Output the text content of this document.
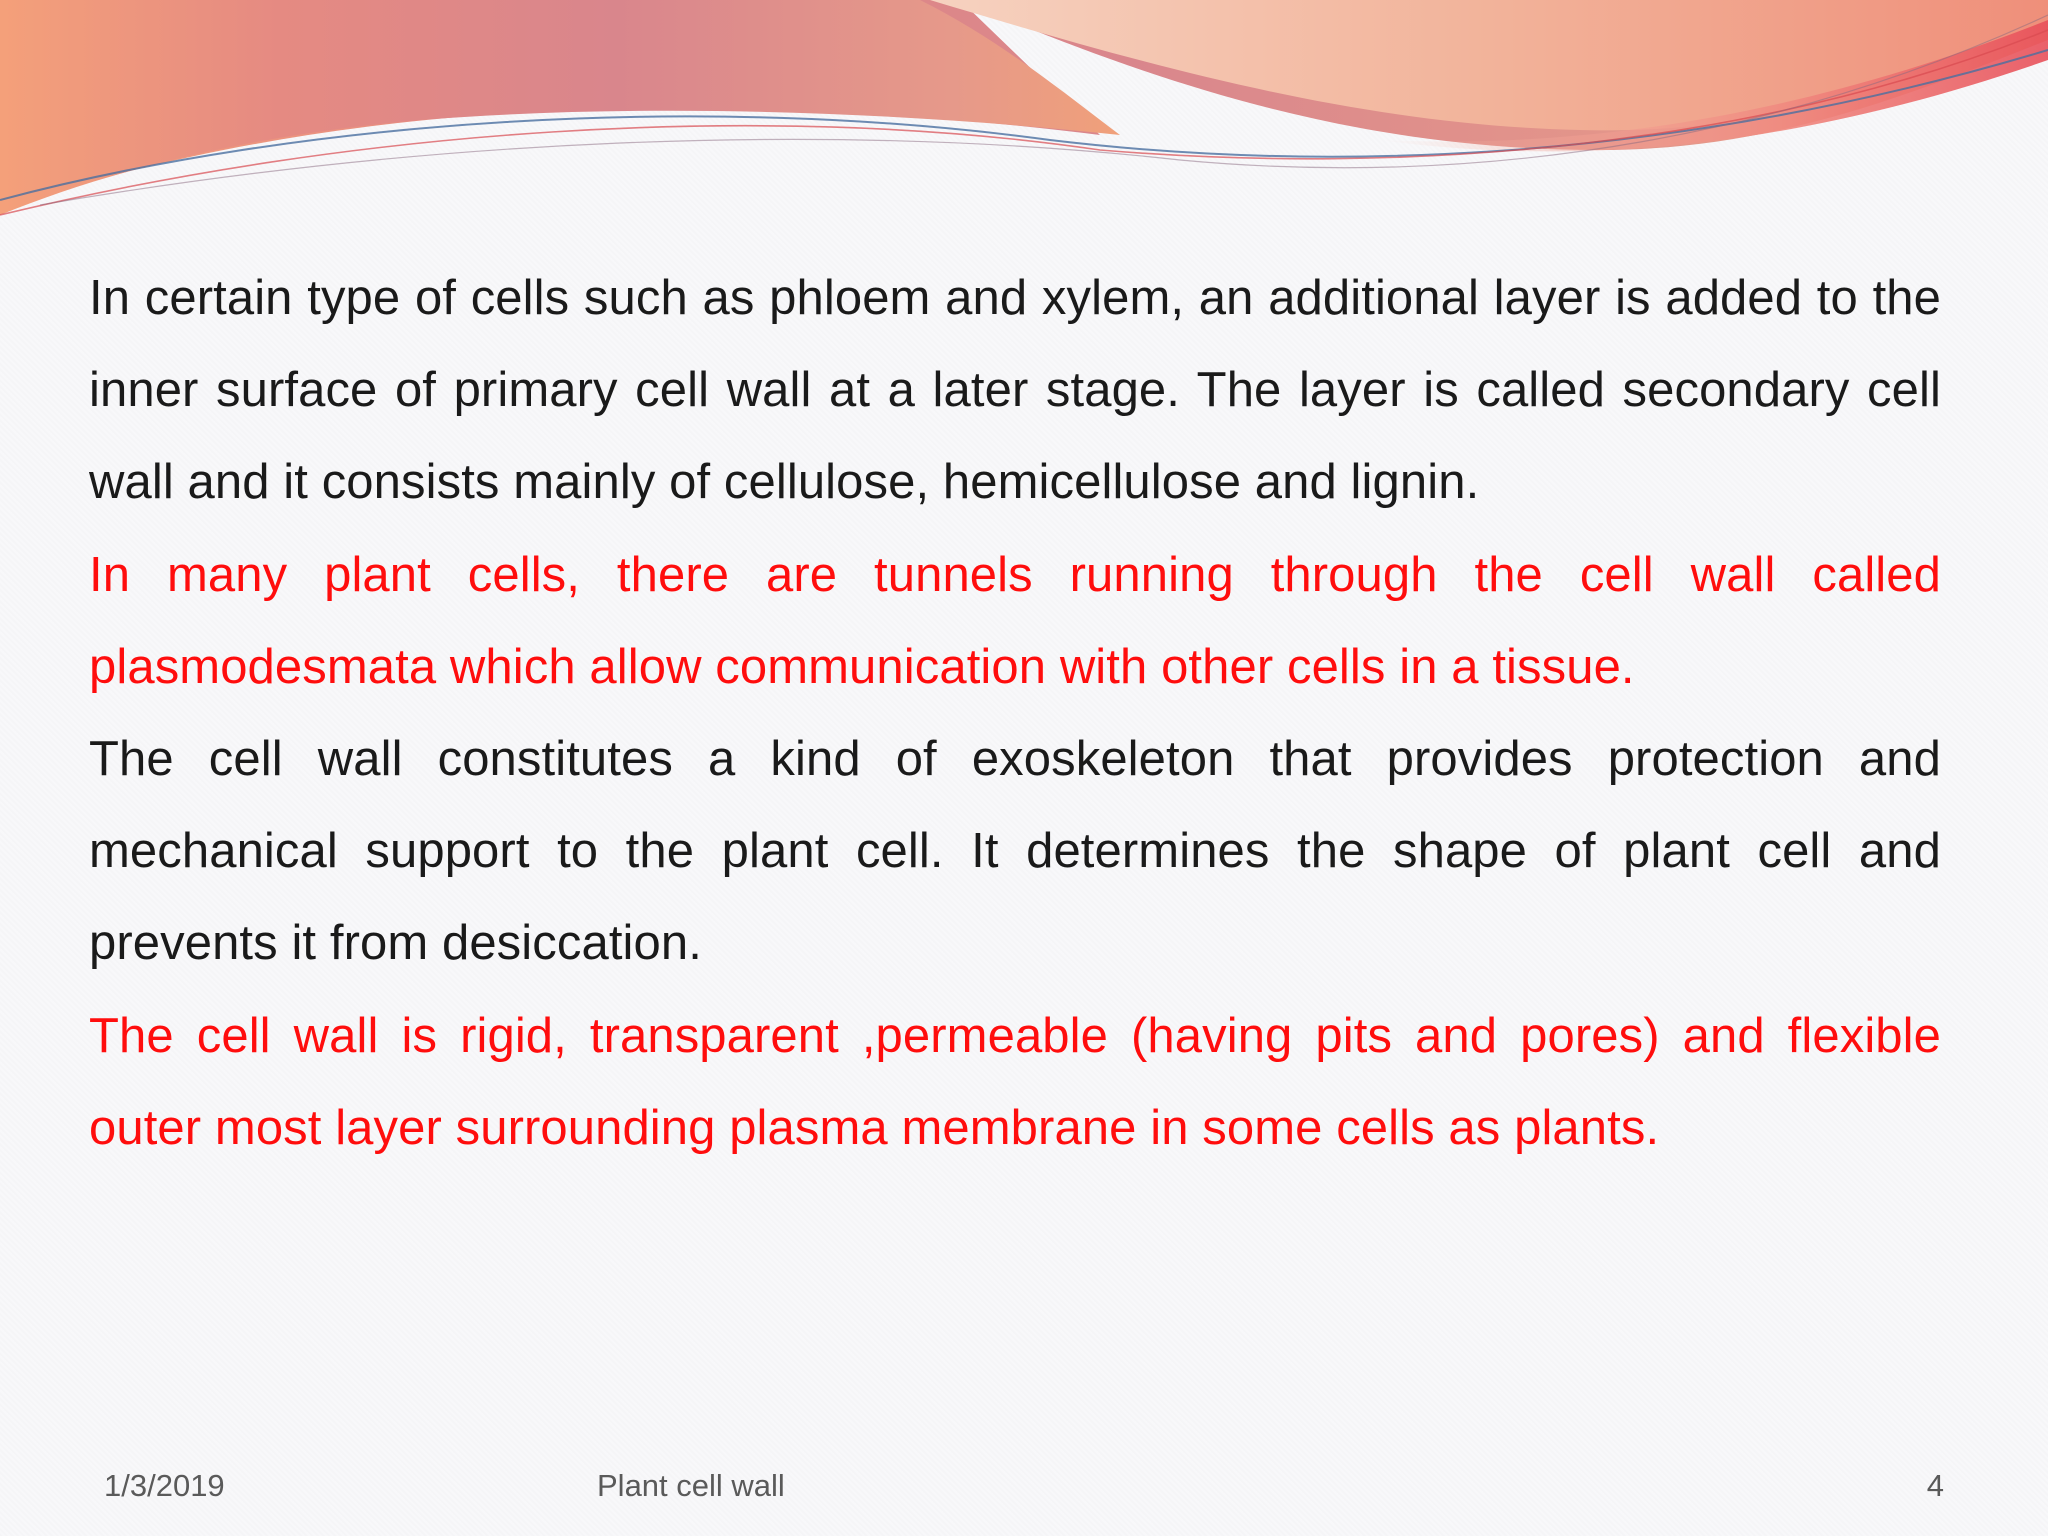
In certain type of cells such as phloem and xylem, an additional layer is added to the inner surface of primary cell wall at a later stage. The layer is called secondary cell wall and it consists mainly of cellulose, hemicellulose and lignin.

In many plant cells, there are tunnels running through the cell wall called plasmodesmata which allow communication with other cells in a tissue.

The cell wall constitutes a kind of exoskeleton that provides protection and mechanical support to the plant cell. It determines the shape of plant cell and prevents it from desiccation.

The cell wall is rigid, transparent ,permeable (having pits and pores) and flexible outer most layer surrounding plasma membrane in some cells as plants.

1/3/2019	Plant cell wall	4
